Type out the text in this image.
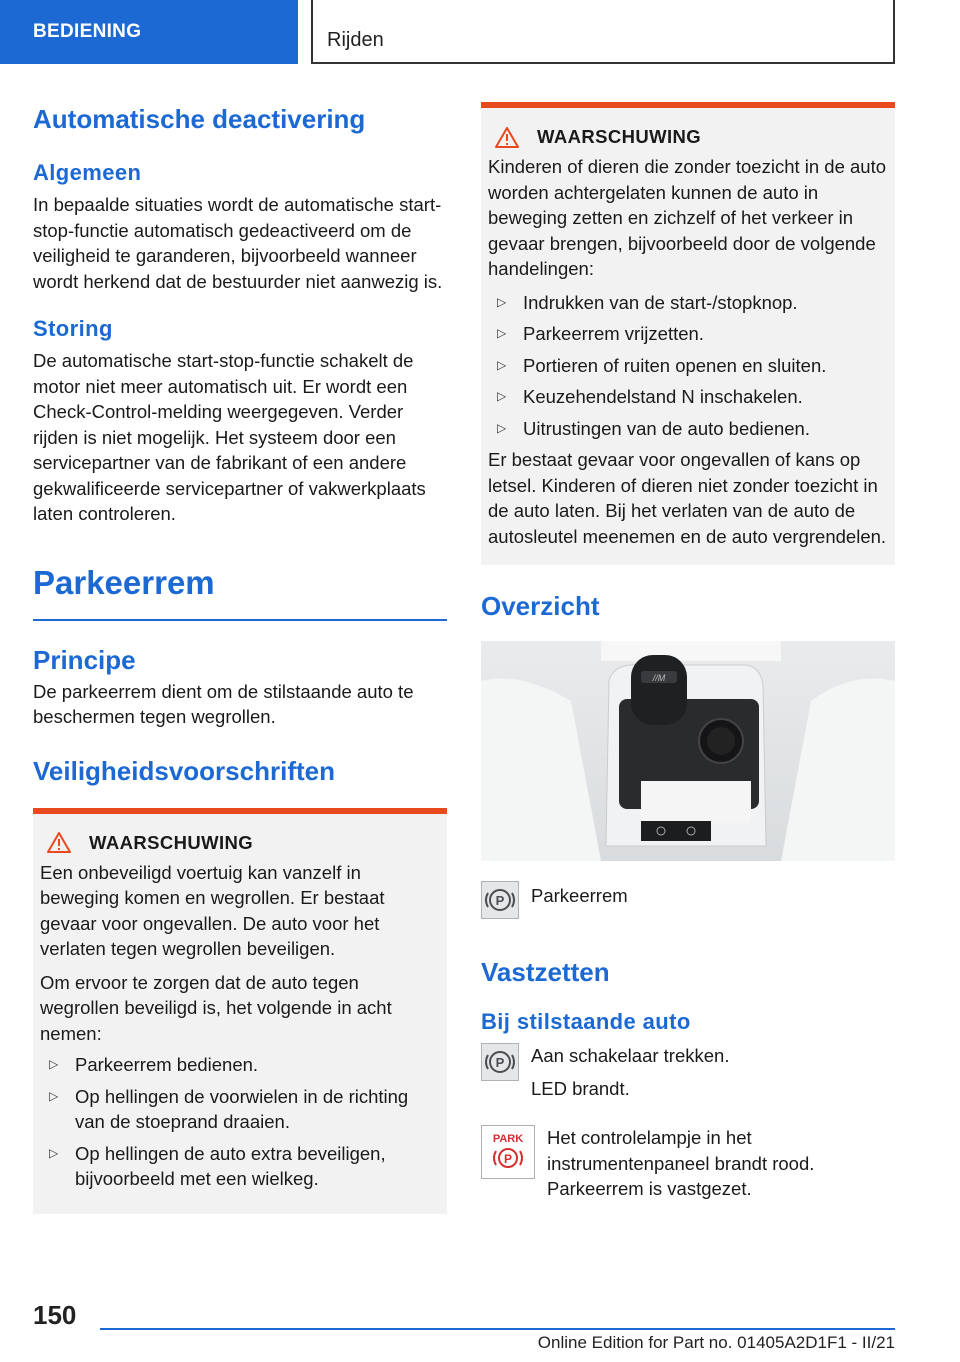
BEDIENING	Rijden
Automatische deactivering
Algemeen

In bepaalde situaties wordt de automatische start-stop-functie automatisch gedeactiveerd om de veiligheid te garanderen, bijvoorbeeld wanneer wordt herkend dat de bestuurder niet aanwezig is.

Storing

De automatische start-stop-functie schakelt de motor niet meer automatisch uit. Er wordt een Check-Control-melding weergegeven. Verder rijden is niet mogelijk. Het systeem door een servicepartner van de fabrikant of een andere gekwalificeerde servicepartner of vakwerkplaats laten controleren.

Parkeerrem
Principe

De parkeerrem dient om de stilstaande auto te beschermen tegen wegrollen.

Veiligheidsvoorschriften
WAARSCHUWING

Een onbeveiligd voertuig kan vanzelf in beweging komen en wegrollen. Er bestaat gevaar voor ongevallen. De auto voor het verlaten tegen wegrollen beveiligen.

Om ervoor te zorgen dat de auto tegen wegrollen beveiligd is, het volgende in acht nemen:

▷ Parkeerrem bedienen.
▷ Op hellingen de voorwielen in de richting van de stoeprand draaien.
▷ Op hellingen de auto extra beveiligen, bijvoorbeeld met een wielkeg.
WAARSCHUWING

Kinderen of dieren die zonder toezicht in de auto worden achtergelaten kunnen de auto in beweging zetten en zichzelf of het verkeer in gevaar brengen, bijvoorbeeld door de volgende handelingen:

▷ Indrukken van de start-/stopknop.
▷ Parkeerrem vrijzetten.
▷ Portieren of ruiten openen en sluiten.
▷ Keuzehendelstand N inschakelen.
▷ Uitrustingen van de auto bedienen.

Er bestaat gevaar voor ongevallen of kans op letsel. Kinderen of dieren niet zonder toezicht in de auto laten. Bij het verlaten van de auto de autosleutel meenemen en de auto vergrendelen.

Overzicht
//M
P Parkeerrem

Vastzetten
Bij stilstaande auto
P Aan schakelaar trekken.

LED brandt.

PARK
P

Het controlelampje in het instrumentenpaneel brandt rood. Parkeerrem is vastgezet.

150
Online Edition for Part no. 01405A2D1F1 - II/21
